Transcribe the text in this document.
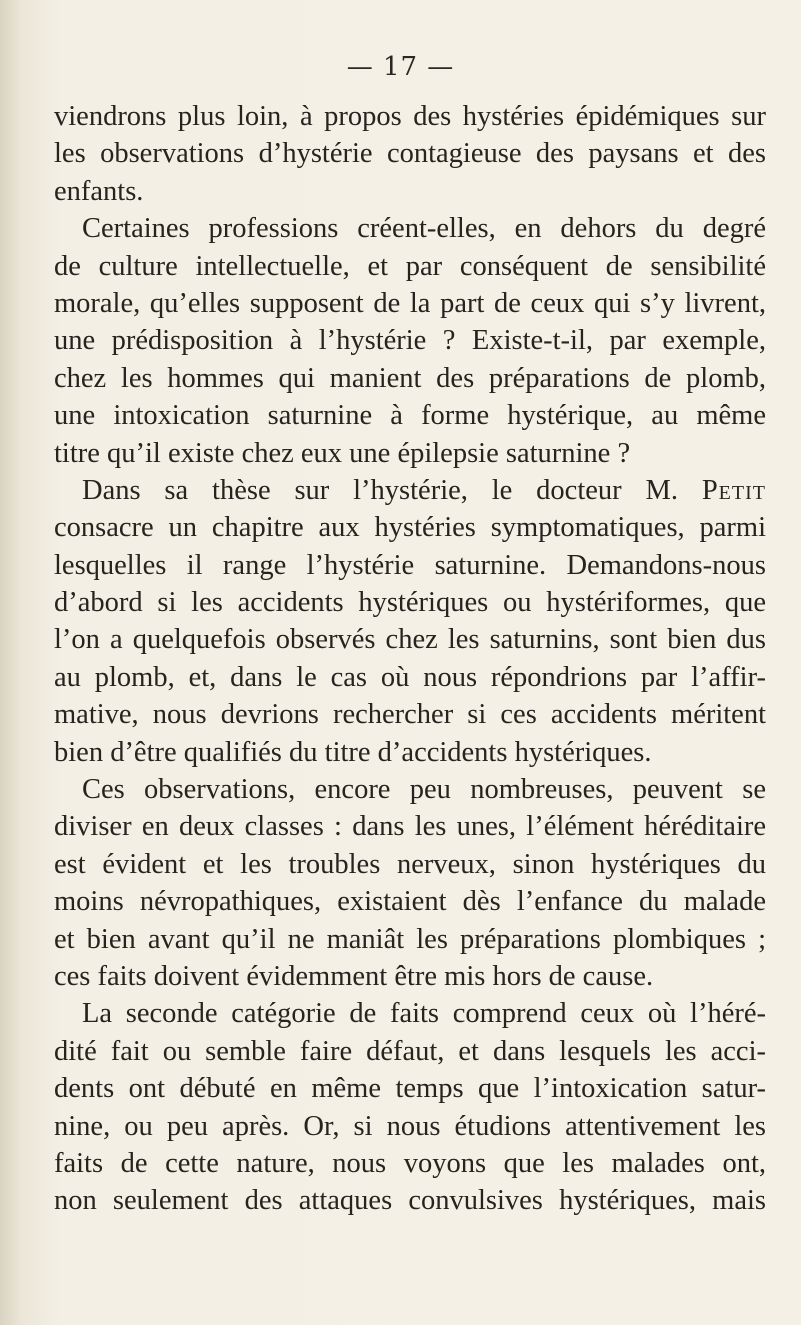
— 17 —
viendrons plus loin, à propos des hystéries épidémiques sur
les observations d’hystérie contagieuse des paysans et des
enfants.
Certaines professions créent-elles, en dehors du degré
de culture intellectuelle, et par conséquent de sensibilité
morale, qu’elles supposent de la part de ceux qui s’y livrent,
une prédisposition à l’hystérie ? Existe-t-il, par exemple,
chez les hommes qui manient des préparations de plomb,
une intoxication saturnine à forme hystérique, au même
titre qu’il existe chez eux une épilepsie saturnine ?
Dans sa thèse sur l’hystérie, le docteur M. Petit
consacre un chapitre aux hystéries symptomatiques, parmi
lesquelles il range l’hystérie saturnine. Demandons-nous
d’abord si les accidents hystériques ou hystériformes, que
l’on a quelquefois observés chez les saturnins, sont bien dus
au plomb, et, dans le cas où nous répondrions par l’affir-
mative, nous devrions rechercher si ces accidents méritent
bien d’être qualifiés du titre d’accidents hystériques.
Ces observations, encore peu nombreuses, peuvent se
diviser en deux classes : dans les unes, l’élément héréditaire
est évident et les troubles nerveux, sinon hystériques du
moins névropathiques, existaient dès l’enfance du malade
et bien avant qu’il ne maniât les préparations plombiques ;
ces faits doivent évidemment être mis hors de cause.
La seconde catégorie de faits comprend ceux où l’héré-
dité fait ou semble faire défaut, et dans lesquels les acci-
dents ont débuté en même temps que l’intoxication satur-
nine, ou peu après. Or, si nous étudions attentivement les
faits de cette nature, nous voyons que les malades ont,
non seulement des attaques convulsives hystériques, mais
